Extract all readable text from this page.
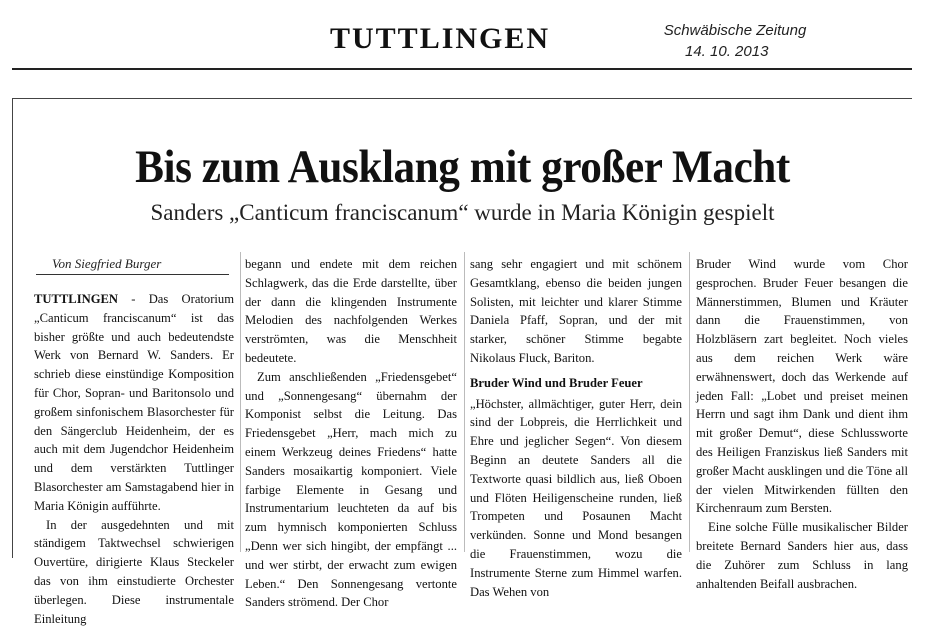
TUTTLINGEN	Schwäbische Zeitung
14. 10. 2013
Bis zum Ausklang mit großer Macht
Sanders „Canticum franciscanum“ wurde in Maria Königin gespielt
Von Siegfried Burger

TUTTLINGEN - Das Oratorium „Canticum franciscanum“ ist das bisher größte und auch bedeutendste Werk von Bernard W. Sanders. Er schrieb diese einstündige Komposition für Chor, Sopran- und Baritonsolo und großem sinfonischem Blasorchester für den Sängerclub Heidenheim, der es auch mit dem Jugendchor Heidenheim und dem verstärkten Tuttlinger Blasorchester am Samstagabend hier in Maria Königin aufführte.

In der ausgedehnten und mit ständigem Taktwechsel schwierigen Ouvertüre, dirigierte Klaus Steckeler das von ihm einstudierte Orchester überlegen. Diese instrumentale Einleitung

begann und endete mit dem reichen Schlagwerk, das die Erde darstellte, über der dann die klingenden Instrumente Melodien des nachfolgenden Werkes verströmten, was die Menschheit bedeutete.

Zum anschließenden „Friedensgebet“ und „Sonnengesang“ übernahm der Komponist selbst die Leitung. Das Friedensgebet „Herr, mach mich zu einem Werkzeug deines Friedens“ hatte Sanders mosaikartig komponiert. Viele farbige Elemente in Gesang und Instrumentarium leuchteten da auf bis zum hymnisch komponierten Schluss „Denn wer sich hingibt, der empfängt ... und wer stirbt, der erwacht zum ewigen Leben.“ Den Sonnengesang vertonte Sanders strömend. Der Chor

sang sehr engagiert und mit schönem Gesamtklang, ebenso die beiden jungen Solisten, mit leichter und klarer Stimme Daniela Pfaff, Sopran, und der mit starker, schöner Stimme begabte Nikolaus Fluck, Bariton.

Bruder Wind und Bruder Feuer

„Höchster, allmächtiger, guter Herr, dein sind der Lobpreis, die Herrlichkeit und Ehre und jeglicher Segen“. Von diesem Beginn an deutete Sanders all die Textworte quasi bildlich aus, ließ Oboen und Flöten Heiligenscheine runden, ließ Trompeten und Posaunen Macht verkünden. Sonne und Mond besangen die Frauenstimmen, wozu die Instrumente Sterne zum Himmel warfen. Das Wehen von

Bruder Wind wurde vom Chor gesprochen. Bruder Feuer besangen die Männerstimmen, Blumen und Kräuter dann die Frauenstimmen, von Holzbläsern zart begleitet. Noch vieles aus dem reichen Werk wäre erwähnenswert, doch das Werkende auf jeden Fall: „Lobet und preiset meinen Herrn und sagt ihm Dank und dient ihm mit großer Demut“, diese Schlussworte des Heiligen Franziskus ließ Sanders mit großer Macht ausklingen und die Töne all der vielen Mitwirkenden füllten den Kirchenraum zum Bersten.

Eine solche Fülle musikalischer Bilder breitete Bernard Sanders hier aus, dass die Zuhörer zum Schluss in lang anhaltenden Beifall ausbrachen.
